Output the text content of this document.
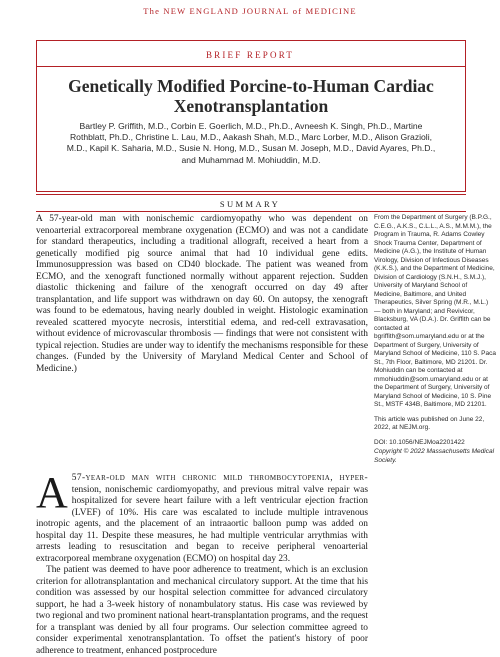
The NEW ENGLAND JOURNAL of MEDICINE
BRIEF REPORT
Genetically Modified Porcine-to-Human Cardiac Xenotransplantation
Bartley P. Griffith, M.D., Corbin E. Goerlich, M.D., Ph.D., Avneesh K. Singh, Ph.D., Martine Rothblatt, Ph.D., Christine L. Lau, M.D., Aakash Shah, M.D., Marc Lorber, M.D., Alison Grazioli, M.D., Kapil K. Saharia, M.D., Susie N. Hong, M.D., Susan M. Joseph, M.D., David Ayares, Ph.D., and Muhammad M. Mohiuddin, M.D.
SUMMARY

A 57-year-old man with nonischemic cardiomyopathy who was dependent on venoarterial extracorporeal membrane oxygenation (ECMO) and was not a candidate for standard therapeutics, including a traditional allograft, received a heart from a genetically modified pig source animal that had 10 individual gene edits. Immunosuppression was based on CD40 blockade. The patient was weaned from ECMO, and the xenograft functioned normally without apparent rejection. Sudden diastolic thickening and failure of the xenograft occurred on day 49 after transplantation, and life support was withdrawn on day 60. On autopsy, the xenograft was found to be edematous, having nearly doubled in weight. Histologic examination revealed scattered myocyte necrosis, interstitial edema, and red-cell extravasation, without evidence of microvascular thrombosis — findings that were not consistent with typical rejection. Studies are under way to identify the mechanisms responsible for these changes. (Funded by the University of Maryland Medical Center and School of Medicine.)

From the Department of Surgery (B.P.G., C.E.G., A.K.S., C.L.L., A.S., M.M.M.), the Program in Trauma, R. Adams Cowley Shock Trauma Center, Department of Medicine (A.G.), the Institute of Human Virology, Division of Infectious Diseases (K.K.S.), and the Department of Medicine, Division of Cardiology (S.N.H., S.M.J.), University of Maryland School of Medicine, Baltimore, and United Therapeutics, Silver Spring (M.R., M.L.) — both in Maryland; and Revivicor, Blacksburg, VA (D.A.). Dr. Griffith can be contacted at bgriffith@som.umaryland.edu or at the Department of Surgery, University of Maryland School of Medicine, 110 S. Paca St., 7th Floor, Baltimore, MD 21201. Dr. Mohiuddin can be contacted at mmohiuddin@som.umaryland.edu or at the Department of Surgery, University of Maryland School of Medicine, 10 S. Pine St., MSTF 434B, Baltimore, MD 21201.

This article was published on June 22, 2022, at NEJM.org.

DOI: 10.1056/NEJMoa2201422

Copyright © 2022 Massachusetts Medical Society.

A 57-year-old man with chronic mild thrombocytopenia, hyper- tension, nonischemic cardiomyopathy, and previous mitral valve repair was hospitalized for severe heart failure with a left ventricular ejection fraction (LVEF) of 10%. His care was escalated to include multiple intravenous inotropic agents, and the placement of an intraaortic balloon pump was added on hospital day 11. Despite these measures, he had multiple ventricular arrythmias with arrests leading to resuscitation and began to receive peripheral venoarterial extracorporeal membrane oxygenation (ECMO) on hospital day 23.

The patient was deemed to have poor adherence to treatment, which is an exclusion criterion for allotransplantation and mechanical circulatory support. At the time that his condition was assessed by our hospital selection committee for advanced circulatory support, he had a 3-week history of nonambulatory status. His case was reviewed by two regional and two prominent national heart-transplantation programs, and the request for a transplant was denied by all four programs. Our selection committee agreed to consider experimental xenotransplantation. To offset the patient's history of poor adherence to treatment, enhanced postprocedure
